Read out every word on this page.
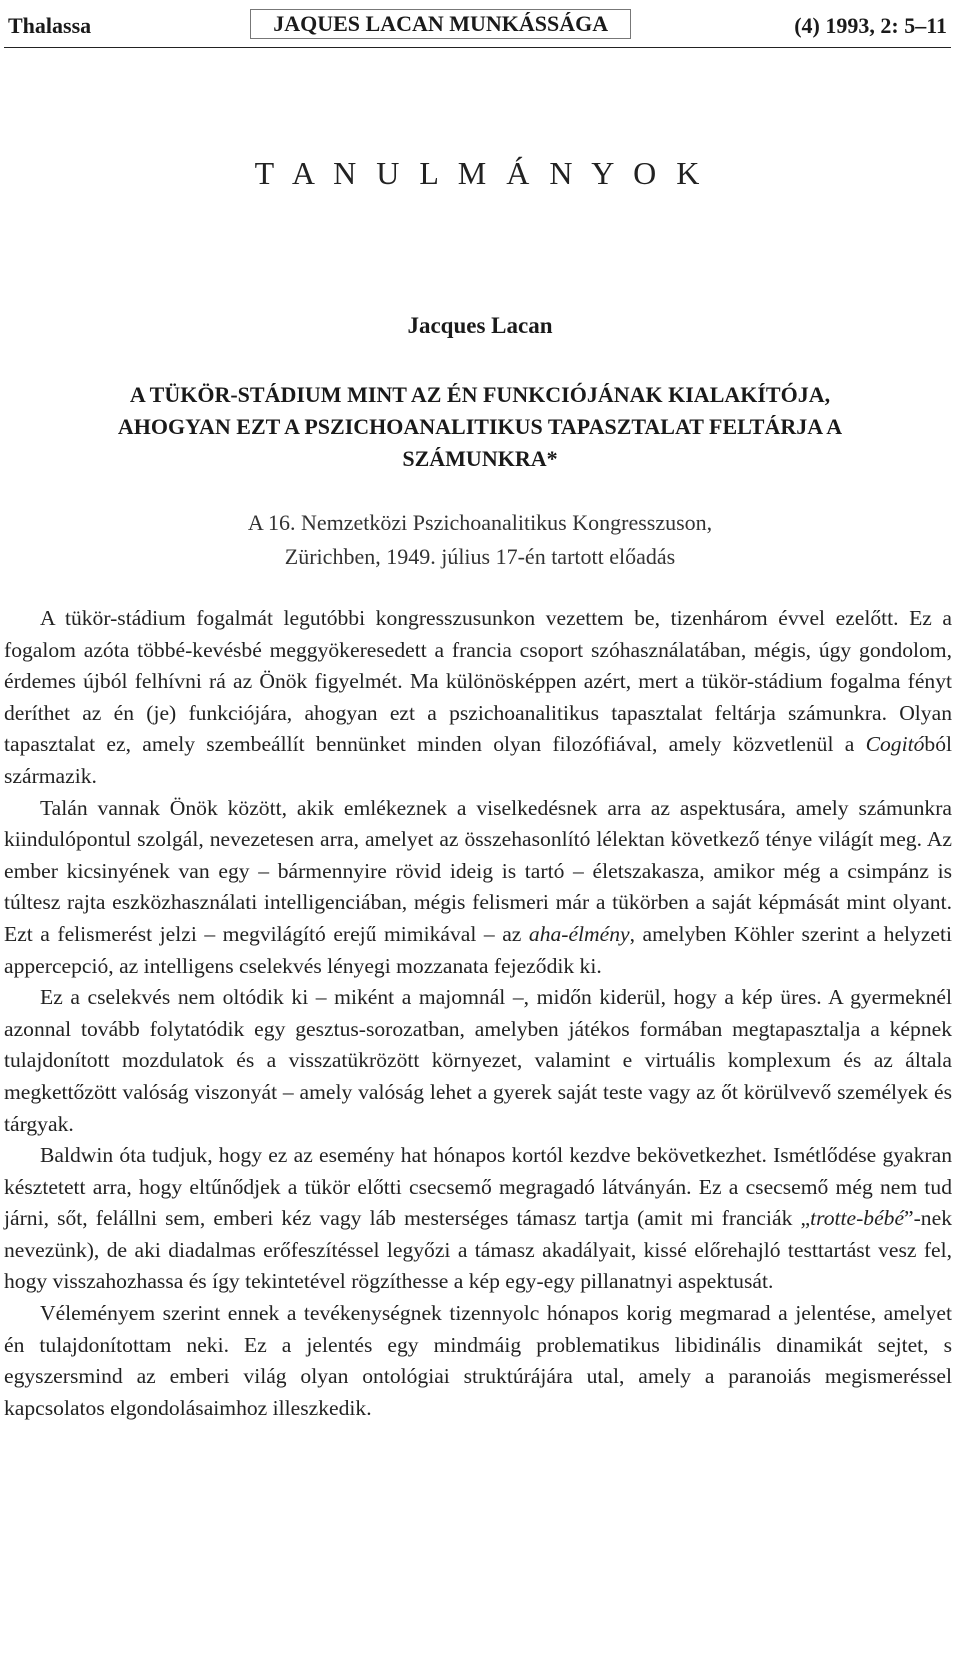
Thalassa	JAQUES LACAN MUNKÁSSÁGA	(4) 1993, 2: 5–11
T A N U L M Á N Y O K
Jacques Lacan
A TÜKÖR-STÁDIUM MINT AZ ÉN FUNKCIÓJÁNAK KIALAKÍTÓJA,
AHOGYAN EZT A PSZICHOANALITIKUS TAPASZTALAT FELTÁRJA A
SZÁMUNKRA*
A 16. Nemzetközi Pszichoanalitikus Kongresszuson,
Zürichben, 1949. július 17-én tartott előadás

A tükör-stádium fogalmát legutóbbi kongresszusunkon vezettem be, tizenhárom évvel ezelőtt. Ez a fogalom azóta többé-kevésbé meggyökeresedett a francia csoport szóhasználatában, mégis, úgy gondolom, érdemes újból felhívni rá az Önök figyelmét. Ma különösképpen azért, mert a tükör-stádium fogalma fényt deríthet az én (je) funkciójára, ahogyan ezt a pszichoanalitikus tapasztalat feltárja számunkra. Olyan tapasztalat ez, amely szembeállít bennünket minden olyan filozófiával, amely közvetlenül a Cogitóból származik.

Talán vannak Önök között, akik emlékeznek a viselkedésnek arra az aspektusára, amely számunkra kiindulópontul szolgál, nevezetesen arra, amelyet az összehasonlító lélektan következő ténye világít meg. Az ember kicsinyének van egy – bármennyire rövid ideig is tartó – életszakasza, amikor még a csimpánz is túltesz rajta eszközhasználati intelligenciában, mégis felismeri már a tükörben a saját képmását mint olyant. Ezt a felismerést jelzi – megvilágító erejű mimikával – az aha-élmény, amelyben Köhler szerint a helyzeti appercepció, az intelligens cselekvés lényegi mozzanata fejeződik ki.

Ez a cselekvés nem oltódik ki – miként a majomnál –, midőn kiderül, hogy a kép üres. A gyermeknél azonnal tovább folytatódik egy gesztus-sorozatban, amelyben játékos formában megtapasztalja a képnek tulajdonított mozdulatok és a visszatükrözött környezet, valamint e virtuális komplexum és az általa megkettőzött valóság viszonyát – amely valóság lehet a gyerek saját teste vagy az őt körülvevő személyek és tárgyak.

Baldwin óta tudjuk, hogy ez az esemény hat hónapos kortól kezdve bekövetkezhet. Ismétlődése gyakran késztetett arra, hogy eltűnődjek a tükör előtti csecsemő megragadó látványán. Ez a csecsemő még nem tud járni, sőt, felállni sem, emberi kéz vagy láb mesterséges támasz tartja (amit mi franciák „trotte-bébé”-nek nevezünk), de aki diadalmas erőfeszítéssel legyőzi a támasz akadályait, kissé előrehajló testtartást vesz fel, hogy visszahozhassa és így tekintetével rögzíthesse a kép egy-egy pillanatnyi aspektusát.

Véleményem szerint ennek a tevékenységnek tizennyolc hónapos korig megmarad a jelentése, amelyet én tulajdonítottam neki. Ez a jelentés egy mindmáig problematikus libidinális dinamikát sejtet, s egyszersmind az emberi világ olyan ontológiai struktúrájára utal, amely a paranoiás megismeréssel kapcsolatos elgondolásaimhoz illeszkedik.
